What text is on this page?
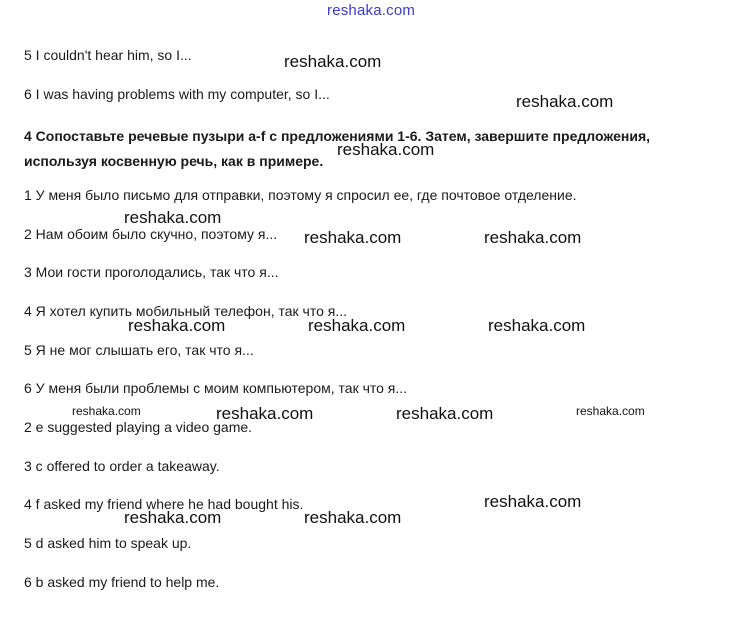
reshaka.com
5 I couldn't hear him, so I...
6 I was having problems with my computer, so I...
4 Сопоставьте речевые пузыри a-f с предложениями 1-6. Затем, завершите предложения, используя косвенную речь, как в примере.
1 У меня было письмо для отправки, поэтому я спросил ее, где почтовое отделение.
2 Нам обоим было скучно, поэтому я...
3 Мои гости проголодались, так что я...
4 Я хотел купить мобильный телефон, так что я...
5 Я не мог слышать его, так что я...
6 У меня были проблемы с моим компьютером, так что я...
2 e suggested playing a video game.
3 c offered to order a takeaway.
4 f asked my friend where he had bought his.
5 d asked him to speak up.
6 b asked my friend to help me.
reshaka.com
reshaka.com
reshaka.com
reshaka.com
reshaka.com	reshaka.com
reshaka.com	reshaka.com	reshaka.com
reshaka.com	reshaka.com	reshaka.com	reshaka.com
reshaka.com
reshaka.com	reshaka.com
